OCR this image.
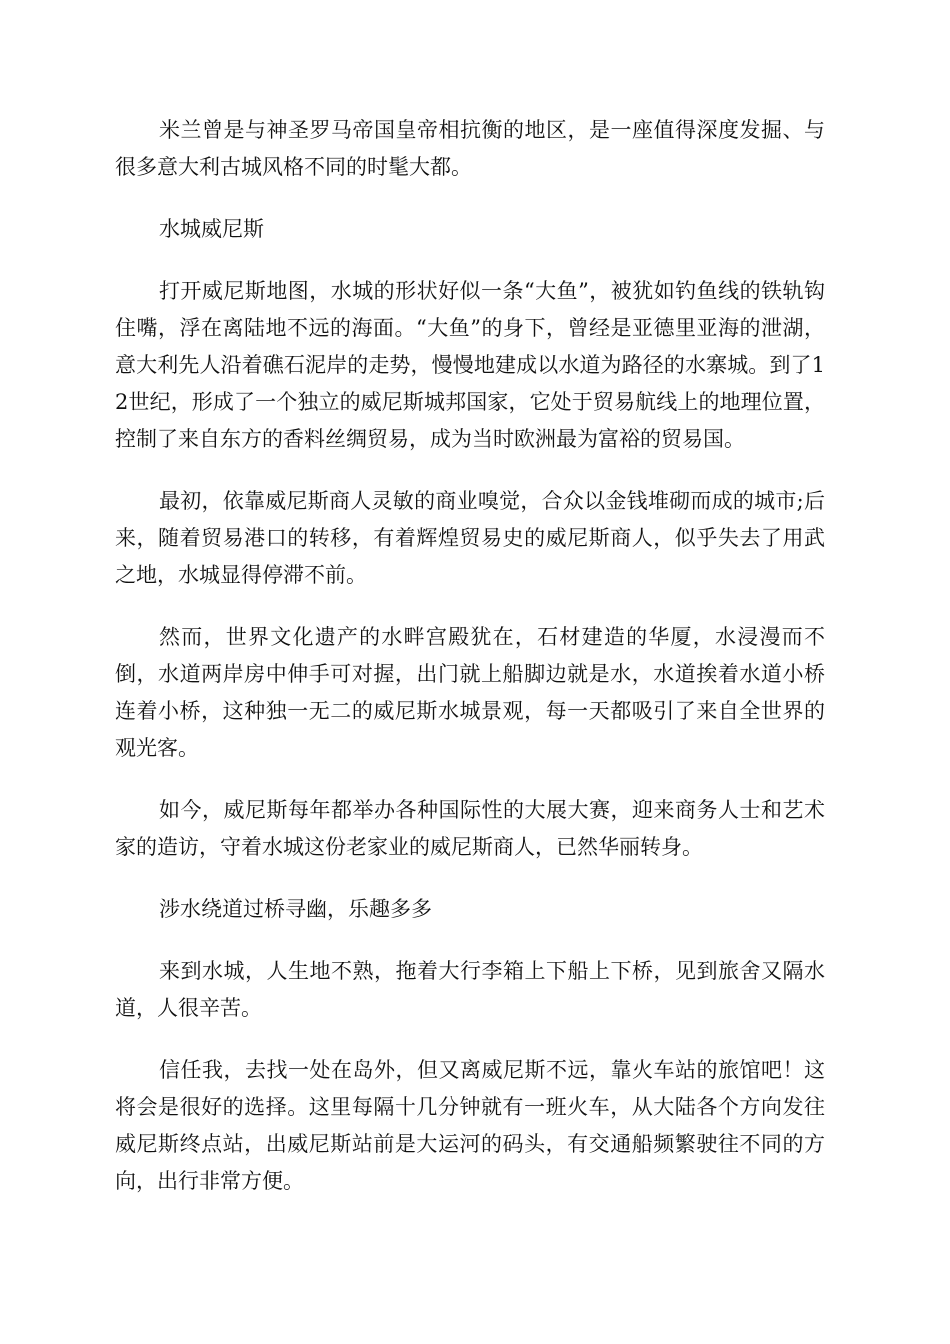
米兰曾是与神圣罗马帝国皇帝相抗衡的地区，是一座值得深度发掘、与很多意大利古城风格不同的时髦大都。

水城威尼斯

打开威尼斯地图，水城的形状好似一条“大鱼”，被犹如钓鱼线的铁轨钩住嘴，浮在离陆地不远的海面。“大鱼”的身下，曾经是亚德里亚海的泄湖，意大利先人沿着礁石泥岸的走势，慢慢地建成以水道为路径的水寨城。到了12世纪，形成了一个独立的威尼斯城邦国家，它处于贸易航线上的地理位置，控制了来自东方的香料丝绸贸易，成为当时欧洲最为富裕的贸易国。

最初，依靠威尼斯商人灵敏的商业嗅觉，合众以金钱堆砌而成的城市;后来，随着贸易港口的转移，有着辉煌贸易史的威尼斯商人，似乎失去了用武之地，水城显得停滞不前。

然而，世界文化遗产的水畔宫殿犹在，石材建造的华厦，水浸漫而不倒，水道两岸房中伸手可对握，出门就上船脚边就是水，水道挨着水道小桥连着小桥，这种独一无二的威尼斯水城景观，每一天都吸引了来自全世界的观光客。

如今，威尼斯每年都举办各种国际性的大展大赛，迎来商务人士和艺术家的造访，守着水城这份老家业的威尼斯商人，已然华丽转身。

涉水绕道过桥寻幽，乐趣多多

来到水城，人生地不熟，拖着大行李箱上下船上下桥，见到旅舍又隔水道，人很辛苦。

信任我，去找一处在岛外，但又离威尼斯不远，靠火车站的旅馆吧！这将会是很好的选择。这里每隔十几分钟就有一班火车，从大陆各个方向发往威尼斯终点站，出威尼斯站前是大运河的码头，有交通船频繁驶往不同的方向，出行非常方便。
